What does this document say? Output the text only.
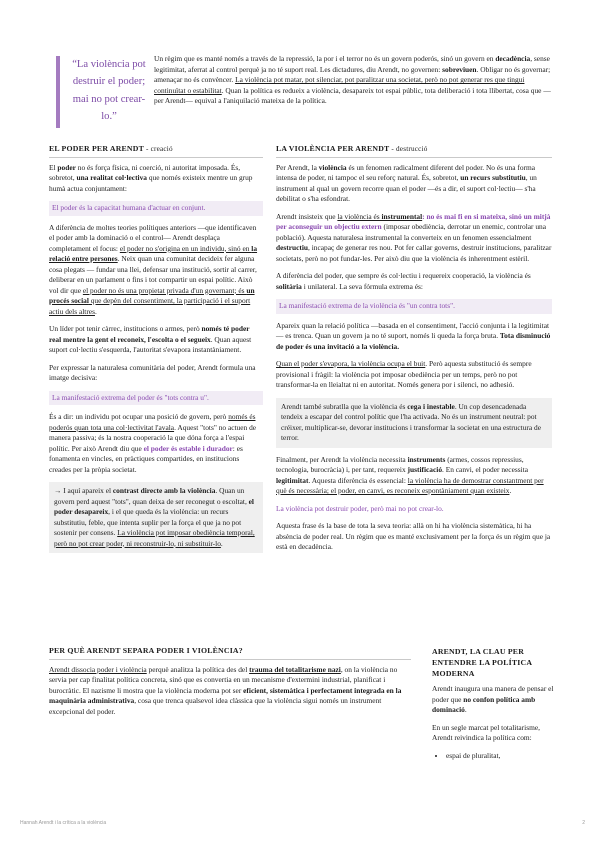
“La violència pot destruir el poder; mai no pot crear-lo.”
Un règim que es manté només a través de la repressió, la por i el terror no és un govern poderós, sinó un govern en decadència, sense legitimitat, aferrat al control perquè ja no té suport real. Les dictadures, diu Arendt, no governen: sobreviuen. Obligar no és governar; amenaçar no és convèncer. La violència pot matar, pot silenciar, pot paralitzar una societat, però no pot generar res que tingui continuïtat o estabilitat. Quan la política es redueix a violència, desapareix tot espai públic, tota deliberació i tota llibertat, cosa que —per Arendt— equival a l'aniquilació mateixa de la política.
EL PODER PER ARENDT - creació

El poder no és força física, ni coerció, ni autoritat imposada. És, sobretot, una realitat col·lectiva que només existeix mentre un grup humà actua conjuntament:

El poder és la capacitat humana d'actuar en conjunt.

A diferència de moltes teories polítiques anteriors —que identificaven el poder amb la dominació o el control— Arendt desplaça completament el focus: el poder no s'origina en un individu, sinó en la relació entre persones. Neix quan una comunitat decideix fer alguna cosa plegats — fundar una llei, defensar una institució, sortir al carrer, deliberar en un parlament o fins i tot compartir un espai polític. Això vol dir que el poder no és una propietat privada d'un governant; és un procés social que depèn del consentiment, la participació i el suport actiu dels altres.

Un líder pot tenir càrrec, institucions o armes, però només té poder real mentre la gent el reconeix, l'escolta o el segueix. Quan aquest suport col·lectiu s'esquerda, l'autoritat s'evapora instantàniament.

Per expressar la naturalesa comunitària del poder, Arendt formula una imatge decisiva:

La manifestació extrema del poder és "tots contra u".

És a dir: un individu pot ocupar una posició de govern, però només és poderós quan tota una col·lectivitat l'avala. Aquest "tots" no actuen de manera passiva; és la nostra cooperació la que dóna força a l'espai polític. Per això Arendt diu que el poder és estable i durador: es fonamenta en vincles, en pràctiques compartides, en institucions creades per la pròpia societat.

→ I aquí apareix el contrast directe amb la violència. Quan un govern perd aquest "tots", quan deixa de ser reconegut o escoltat, el poder desapareix, i el que queda és la violència: un recurs substitutiu, feble, que intenta suplir per la força el que ja no pot sostenir per consens. La violència pot imposar obediència temporal, però no pot crear poder, ni reconstruir-lo, ni substituir-lo.
LA VIOLÈNCIA PER ARENDT - destrucció

Per Arendt, la violència és un fenomen radicalment diferent del poder. No és una forma intensa de poder, ni tampoc el seu reforç natural. És, sobretot, un recurs substitutiu, un instrument al qual un govern recorre quan el poder —és a dir, el suport col·lectiu— s'ha debilitat o s'ha esfondrat.

Arendt insisteix que la violència és instrumental: no és mai fi en si mateixa, sinó un mitjà per aconseguir un objectiu extern (imposar obediència, derrotar un enemic, controlar una població). Aquesta naturalesa instrumental la converteix en un fenomen essencialment destructiu, incapaç de generar res nou. Pot fer callar governs, destruir institucions, paralitzar societats, però no pot fundar-les. Per això diu que la violència és inherentment estèril.

A diferència del poder, que sempre és col·lectiu i requereix cooperació, la violència és solitària i unilateral. La seva fórmula extrema és:

La manifestació extrema de la violència és "un contra tots".

Apareix quan la relació política —basada en el consentiment, l'acció conjunta i la legitimitat— es trenca. Quan un govern ja no té suport, només li queda la força bruta. Tota disminució de poder és una invitació a la violència.

Quan el poder s'evapora, la violència ocupa el buit. Però aquesta substitució és sempre provisional i fràgil: la violència pot imposar obediència per un temps, però no pot transformar-la en lleialtat ni en autoritat. Només genera por i silenci, no adhesió.

Arendt també subratlla que la violència és cega i inestable. Un cop desencadenada tendeix a escapar del control polític que l'ha activada. No és un instrument neutral: pot créixer, multiplicar-se, devorar institucions i transformar la societat en una estructura de terror.

Finalment, per Arendt la violència necessita instruments (armes, cossos repressius, tecnologia, burocràcia) i, per tant, requereix justificació. En canvi, el poder necessita legitimitat. Aquesta diferència és essencial: la violència ha de demostrar constantment per què és necessària; el poder, en canvi, es reconeix espontàniament quan existeix.

La violència pot destruir poder, però mai no pot crear-lo.

Aquesta frase és la base de tota la seva teoria: allà on hi ha violència sistemàtica, hi ha absència de poder real. Un règim que es manté exclusivament per la força és un règim que ja està en decadència.

PER QUÈ ARENDT SEPARA PODER I VIOLÈNCIA?

Arendt dissocia poder i violència perquè analitza la política des del trauma del totalitarisme nazi, on la violència no servia per cap finalitat política concreta, sinó que es convertia en un mecanisme d'extermini industrial, planificat i burocràtic. El nazisme li mostra que la violència moderna pot ser eficient, sistemàtica i perfectament integrada en la maquinària administrativa, cosa que trenca qualsevol idea clàssica que la violència sigui només un instrument excepcional del poder.

ARENDT, LA CLAU PER ENTENDRE LA POLÍTICA MODERNA

Arendt inaugura una manera de pensar el poder que no confon política amb dominació.

En un segle marcat pel totalitarisme, Arendt reivindica la política com:

• espai de pluralitat,
Hannah Arendt i la crítica a la violència	2
